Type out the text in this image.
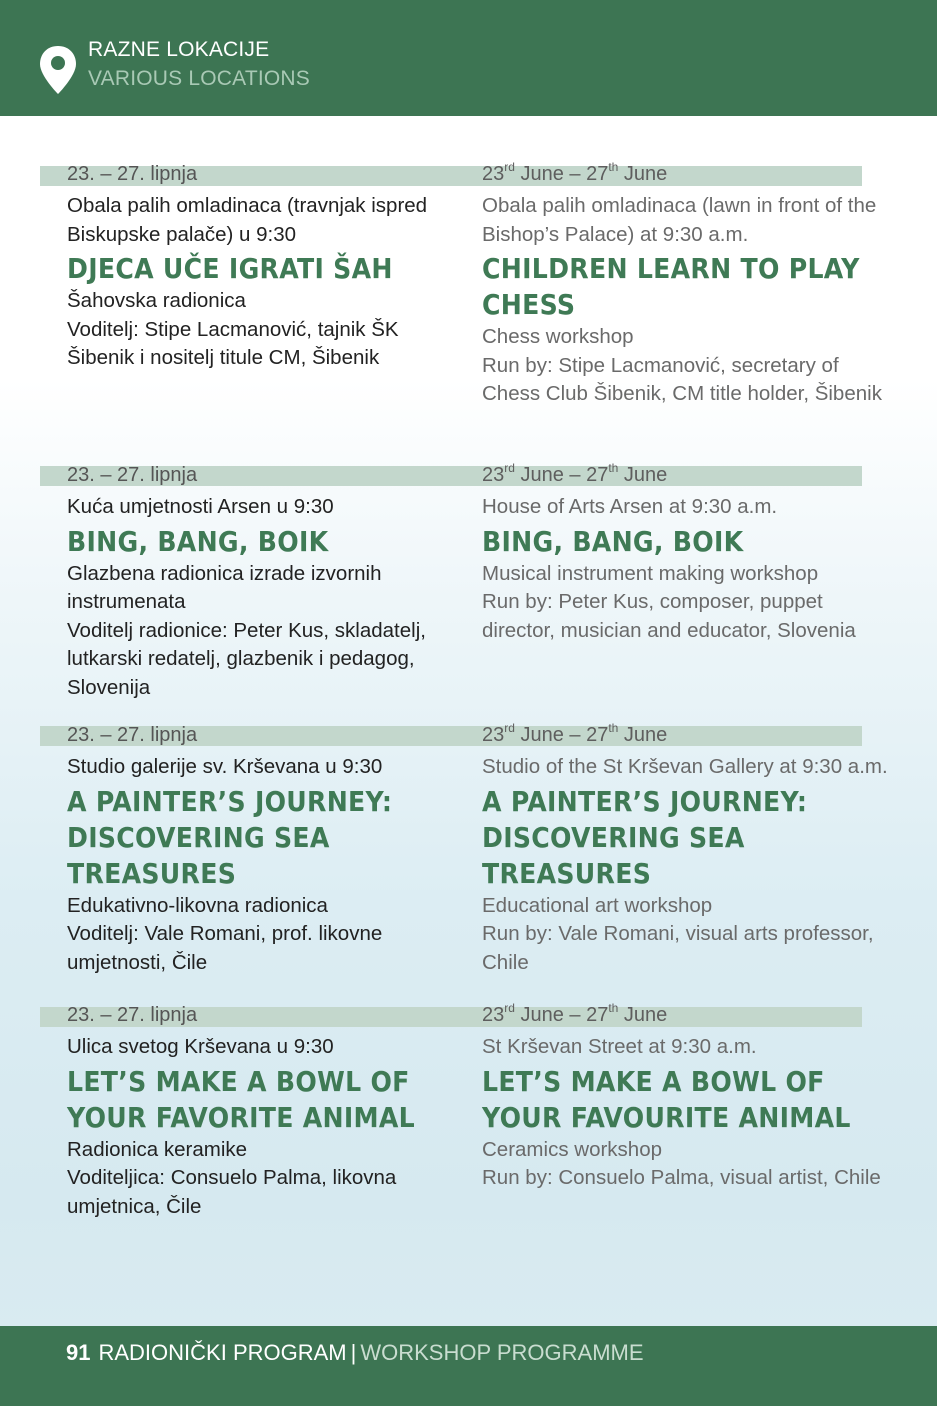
RAZNE LOKACIJE
VARIOUS LOCATIONS
23. – 27. lipnja
Obala palih omladinaca (travnjak ispred Biskupske palače) u 9:30
DJECA UČE IGRATI ŠAH
Šahovska radionica
Voditelj: Stipe Lacmanović, tajnik ŠK Šibenik i nositelj titule CM, Šibenik
23rd June – 27th June
Obala palih omladinaca (lawn in front of the Bishop’s Palace) at 9:30 a.m.
CHILDREN LEARN TO PLAY CHESS
Chess workshop
Run by: Stipe Lacmanović, secretary of Chess Club Šibenik, CM title holder, Šibenik
23. – 27. lipnja
Kuća umjetnosti Arsen u 9:30
BING, BANG, BOIK
Glazbena radionica izrade izvornih instrumenata
Voditelj radionice: Peter Kus, skladatelj, lutkarski redatelj, glazbenik i pedagog, Slovenija
23rd June – 27th June
House of Arts Arsen at 9:30 a.m.
BING, BANG, BOIK
Musical instrument making workshop
Run by: Peter Kus, composer, puppet director, musician and educator, Slovenia
23. – 27. lipnja
Studio galerije sv. Krševana u 9:30
A PAINTER’S JOURNEY: DISCOVERING SEA TREASURES
Edukativno-likovna radionica
Voditelj: Vale Romani, prof. likovne umjetnosti, Čile
23rd June – 27th June
Studio of the St Krševan Gallery at 9:30 a.m.
A PAINTER’S JOURNEY: DISCOVERING SEA TREASURES
Educational art workshop
Run by: Vale Romani, visual arts professor, Chile
23. – 27. lipnja
Ulica svetog Krševana u 9:30
LET’S MAKE A BOWL OF YOUR FAVORITE ANIMAL
Radionica keramike
Voditeljica: Consuelo Palma, likovna umjetnica, Čile
23rd June – 27th June
St Krševan Street at 9:30 a.m.
LET’S MAKE A BOWL OF YOUR FAVOURITE ANIMAL
Ceramics workshop
Run by: Consuelo Palma, visual artist, Chile
91 RADIONIČKI PROGRAM | WORKSHOP PROGRAMME
